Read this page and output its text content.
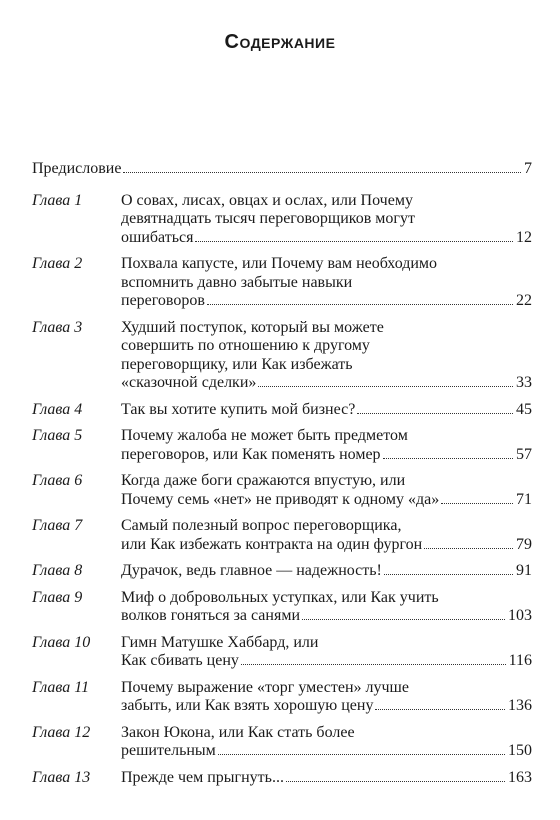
Содержание
Предисловие	7
Глава 1	О совах, лисах, овцах и ослах, или Почему
девятнадцать тысяч переговорщиков могут
ошибаться	12
Глава 2	Похвала капусте, или Почему вам необходимо
вспомнить давно забытые навыки
переговоров	22
Глава 3	Худший поступок, который вы можете
совершить по отношению к другому
переговорщику, или Как избежать
«сказочной сделки»	33
Глава 4	Так вы хотите купить мой бизнес?	45
Глава 5	Почему жалоба не может быть предметом
переговоров, или Как поменять номер	57
Глава 6	Когда даже боги сражаются впустую, или
Почему семь «нет» не приводят к одному «да»	71
Глава 7	Самый полезный вопрос переговорщика,
или Как избежать контракта на один фургон	79
Глава 8	Дурачок, ведь главное — надежность!	91
Глава 9	Миф о добровольных уступках, или Как учить
волков гоняться за санями	103
Глава 10	Гимн Матушке Хаббард, или
Как сбивать цену	116
Глава 11	Почему выражение «торг уместен» лучше
забыть, или Как взять хорошую цену	136
Глава 12	Закон Юкона, или Как стать более
решительным	150
Глава 13	Прежде чем прыгнуть...	163
